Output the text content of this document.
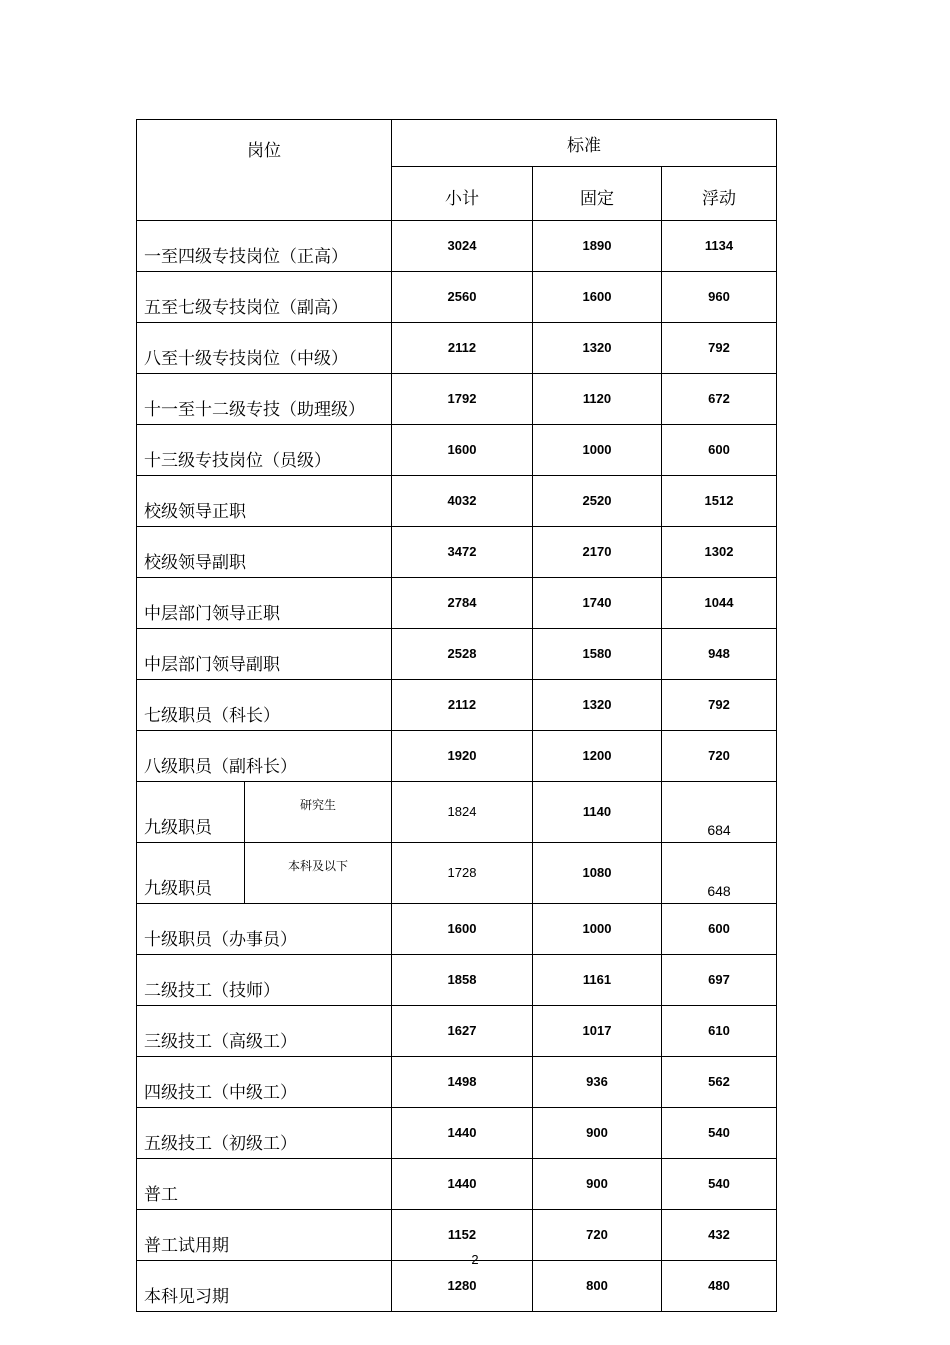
岗位		标准		
		小计	固定	浮动
一至四级专技岗位（正高）		3024	1890	1134
五至七级专技岗位（副高）		2560	1600	960
八至十级专技岗位（中级）		2112	1320	792
十一至十二级专技（助理级）		1792	1120	672
十三级专技岗位（员级）		1600	1000	600
校级领导正职		4032	2520	1512
校级领导副职		3472	2170	1302
中层部门领导正职		2784	1740	1044
中层部门领导副职		2528	1580	948
七级职员（科长）		2112	1320	792
八级职员（副科长）		1920	1200	720
九级职员	研究生	1824	1140	684
九级职员	本科及以下	1728	1080	648
十级职员（办事员）		1600	1000	600
二级技工（技师）		1858	1161	697
三级技工（高级工）		1627	1017	610
四级技工（中级工）		1498	936	562
五级技工（初级工）		1440	900	540
普工		1440	900	540
普工试用期		1152	720	432
本科见习期		1280	800	480
2
